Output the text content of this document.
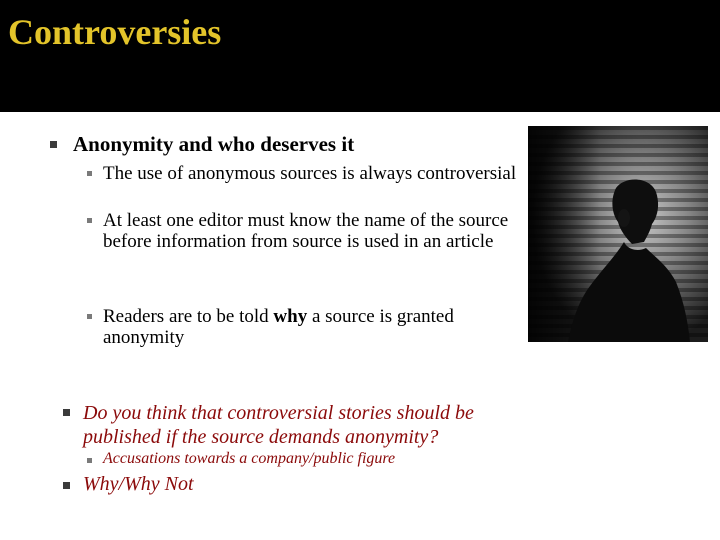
Controversies
Anonymity and who deserves it
The use of anonymous sources is always controversial
At least one editor must know the name of the source before information from source is used in an article
Readers are to be told why a source is granted anonymity
Do you think that controversial stories should be published if the source demands anonymity?
Accusations towards a company/public figure
Why/Why Not
